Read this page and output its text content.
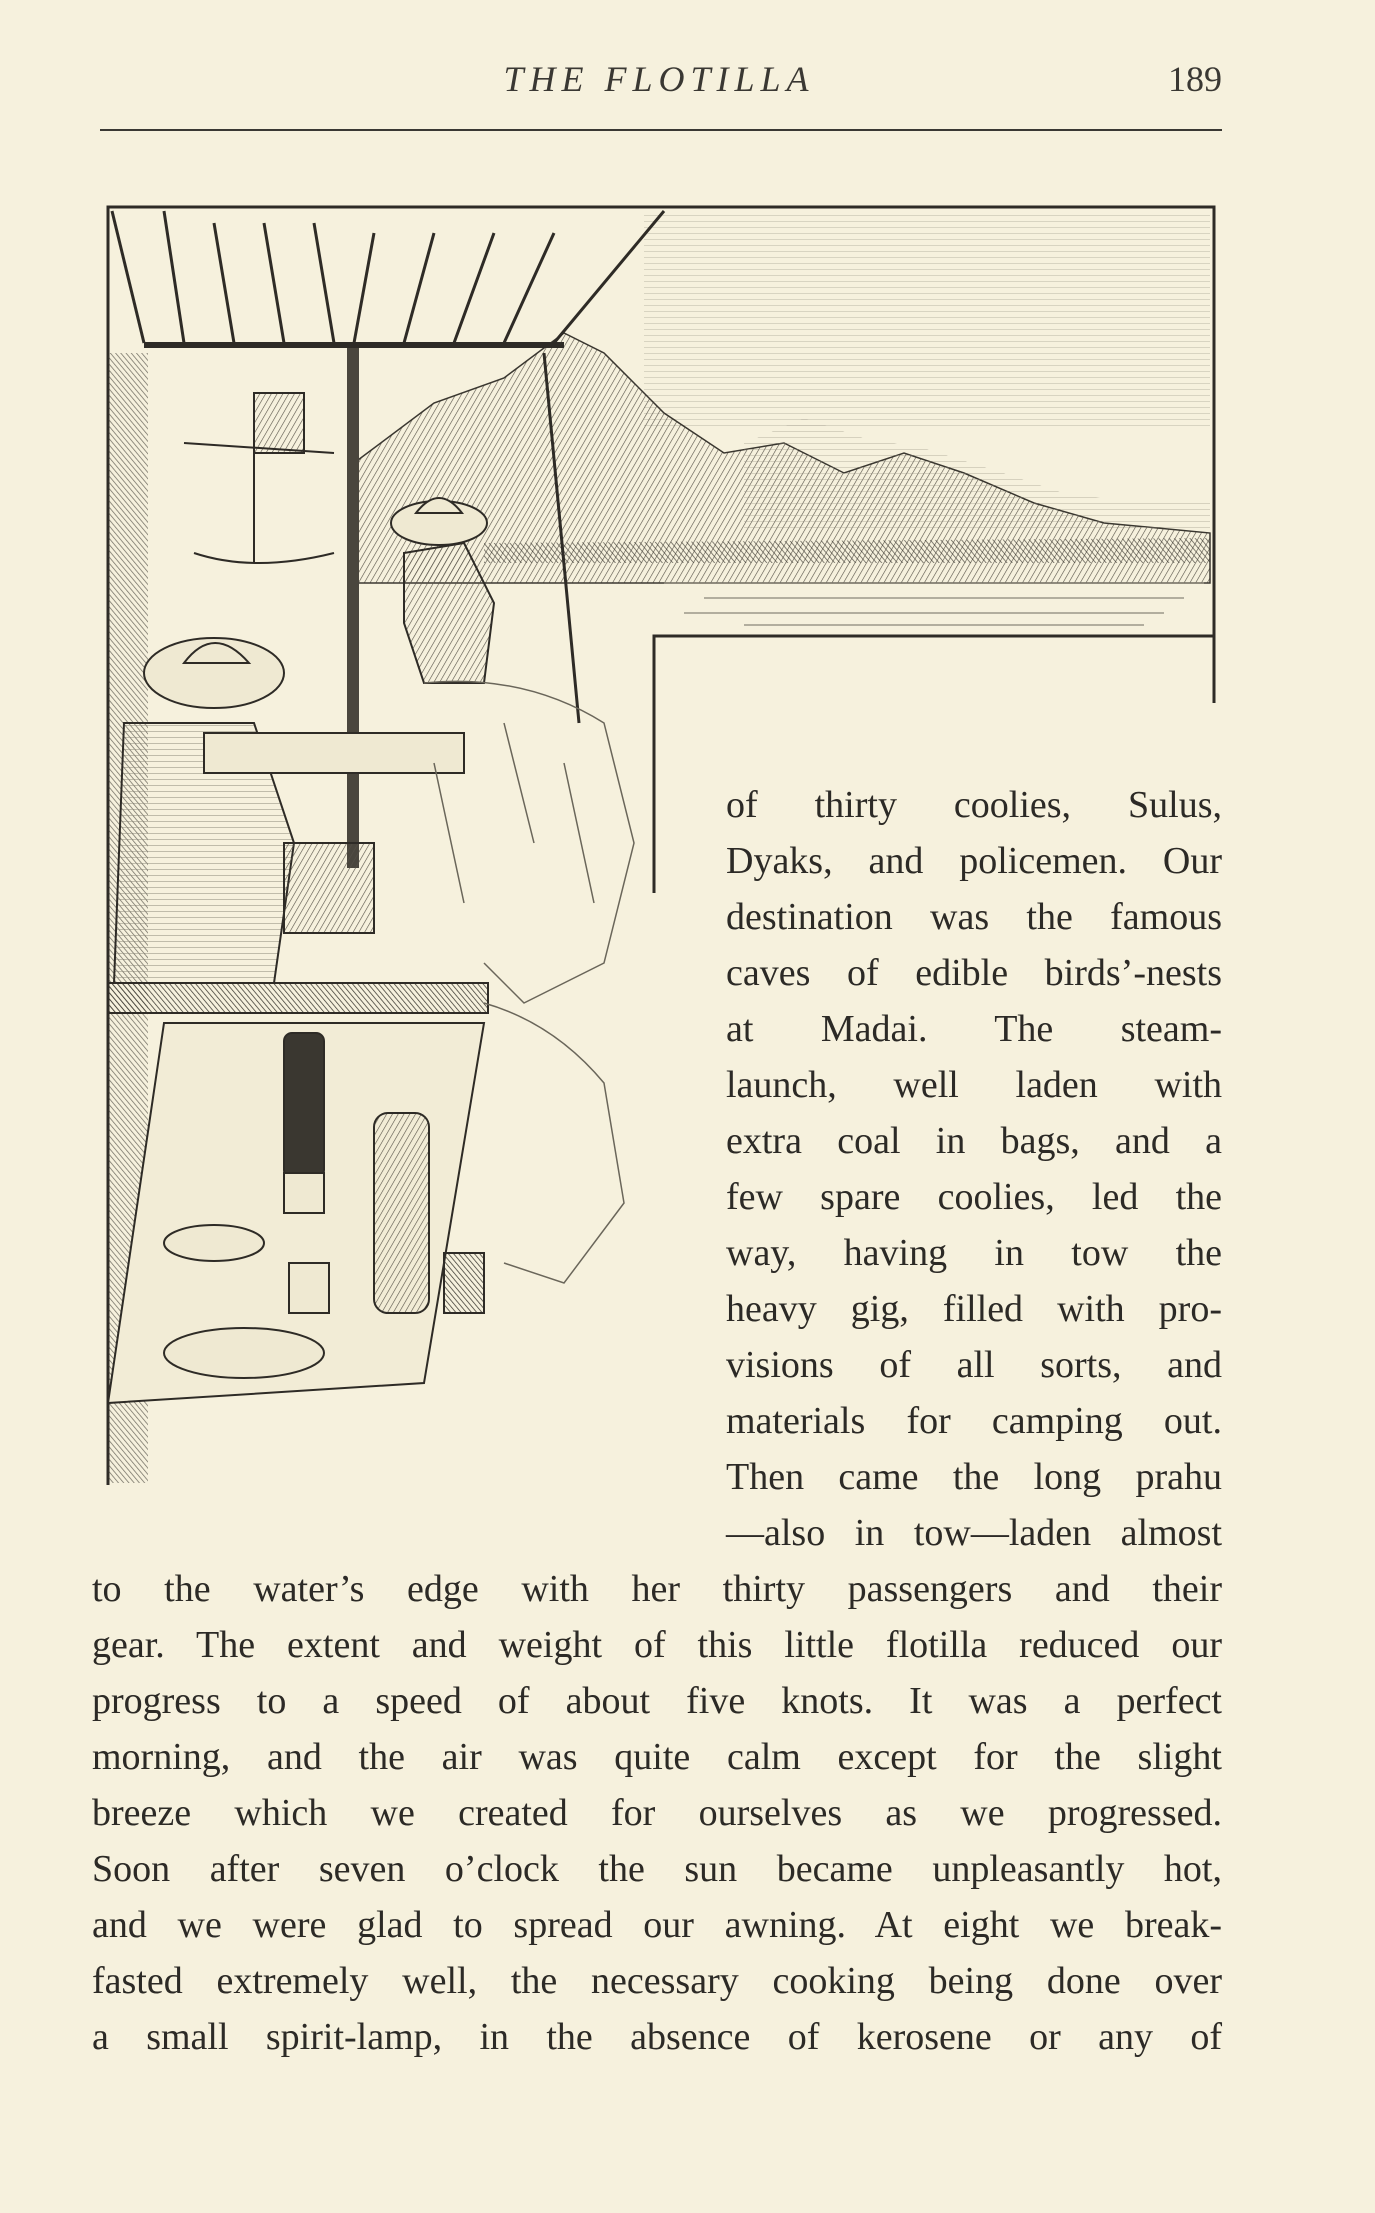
THE FLOTILLA	189

of thirty coolies, Sulus,

Dyaks, and policemen. Our

destination was the famous

caves of edible birds’-nests

at Madai. The steam-

launch, well laden with

extra coal in bags, and a

few spare coolies, led the

way, having in tow the

heavy gig, filled with pro-

visions of all sorts, and

materials for camping out.

Then came the long prahu

—also in tow—laden almost

to the water’s edge with her thirty passengers and their

gear. The extent and weight of this little flotilla reduced our

progress to a speed of about five knots. It was a perfect

morning, and the air was quite calm except for the slight

breeze which we created for ourselves as we progressed.

Soon after seven o’clock the sun became unpleasantly hot,

and we were glad to spread our awning. At eight we break-

fasted extremely well, the necessary cooking being done over

a small spirit-lamp, in the absence of kerosene or any of
